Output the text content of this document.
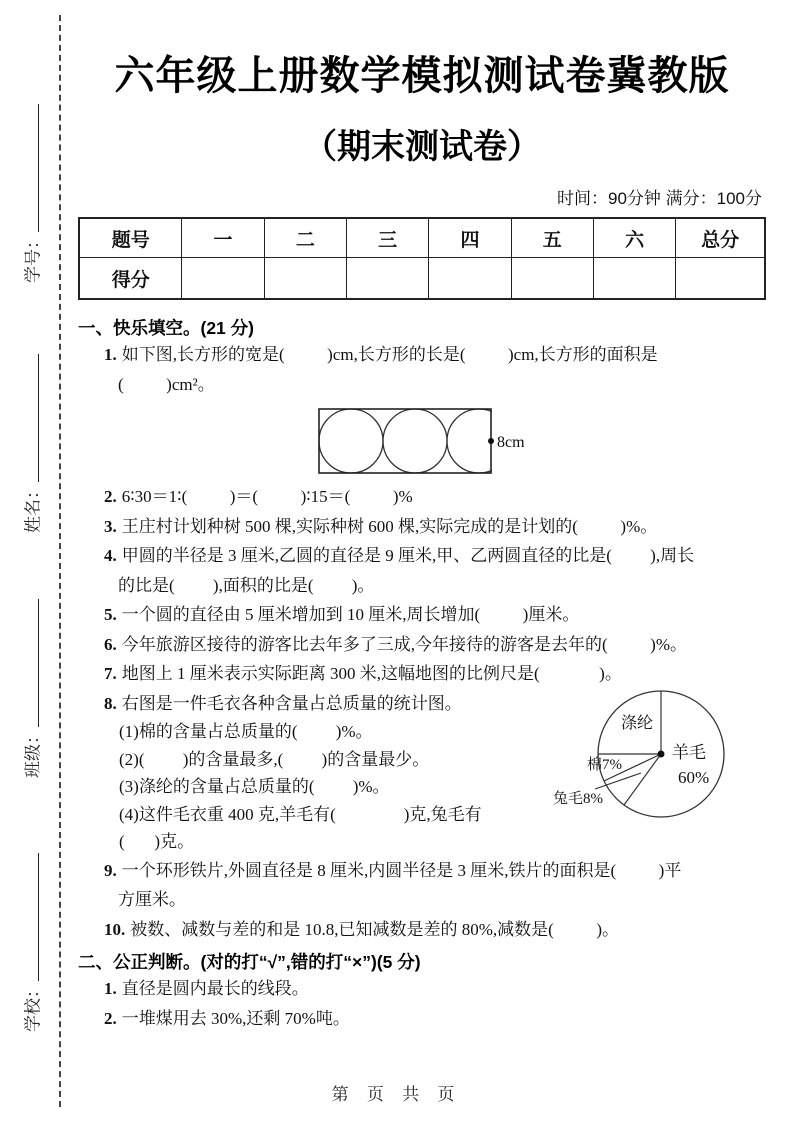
学号：
姓名：
班级：
学校：
六年级上册数学模拟测试卷冀教版
（期末测试卷）
时间：90分钟 满分：100分
题号	一	二	三	四	五	六	总分
得分							
一、快乐填空。(21 分)
1. 如下图,长方形的宽是(          )cm,长方形的长是(          )cm,长方形的面积是
(          )cm²。
8cm
2. 6∶30＝1∶(          )＝(          )∶15＝(          )%
3. 王庄村计划种树 500 棵,实际种树 600 棵,实际完成的是计划的(          )%。
4. 甲圆的半径是 3 厘米,乙圆的直径是 9 厘米,甲、乙两圆直径的比是(         ),周长
的比是(         ),面积的比是(         )。
5. 一个圆的直径由 5 厘米增加到 10 厘米,周长增加(          )厘米。
6. 今年旅游区接待的游客比去年多了三成,今年接待的游客是去年的(          )%。
7. 地图上 1 厘米表示实际距离 300 米,这幅地图的比例尺是(              )。
8. 右图是一件毛衣各种含量占总质量的统计图。
(1)棉的含量占总质量的(         )%。
(2)(         )的含量最多,(         )的含量最少。
(3)涤纶的含量占总质量的(         )%。
(4)这件毛衣重 400 克,羊毛有(                )克,兔毛有
(       )克。
9. 一个环形铁片,外圆直径是 8 厘米,内圆半径是 3 厘米,铁片的面积是(          )平
方厘米。
10. 被数、减数与差的和是 10.8,已知减数是差的 80%,减数是(          )。
二、公正判断。(对的打“√”,错的打“×”)(5 分)
1. 直径是圆内最长的线段。
2. 一堆煤用去 30%,还剩 70%吨。
涤纶
羊毛
60%
棉7%
兔毛8%
第 页 共 页
